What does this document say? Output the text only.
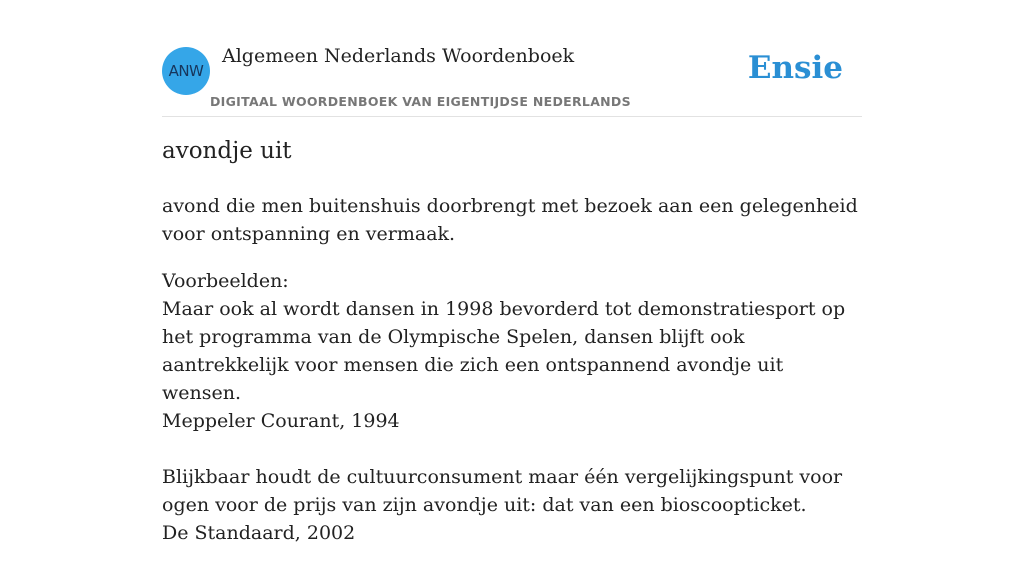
ANW
Algemeen Nederlands Woordenboek
DIGITAAL WOORDENBOEK VAN EIGENTIJDSE NEDERLANDS
Ensie
avondje uit

avond die men buitenshuis doorbrengt met bezoek aan een gelegenheid voor ontspanning en vermaak.

Voorbeelden:

Maar ook al wordt dansen in 1998 bevorderd tot demonstratiesport op het programma van de Olympische Spelen, dansen blijft ook aantrekkelijk voor mensen die zich een ontspannend avondje uit wensen.

Meppeler Courant, 1994

Blijkbaar houdt de cultuurconsument maar één vergelijkingspunt voor ogen voor de prijs van zijn avondje uit: dat van een bioscoopticket.

De Standaard, 2002
